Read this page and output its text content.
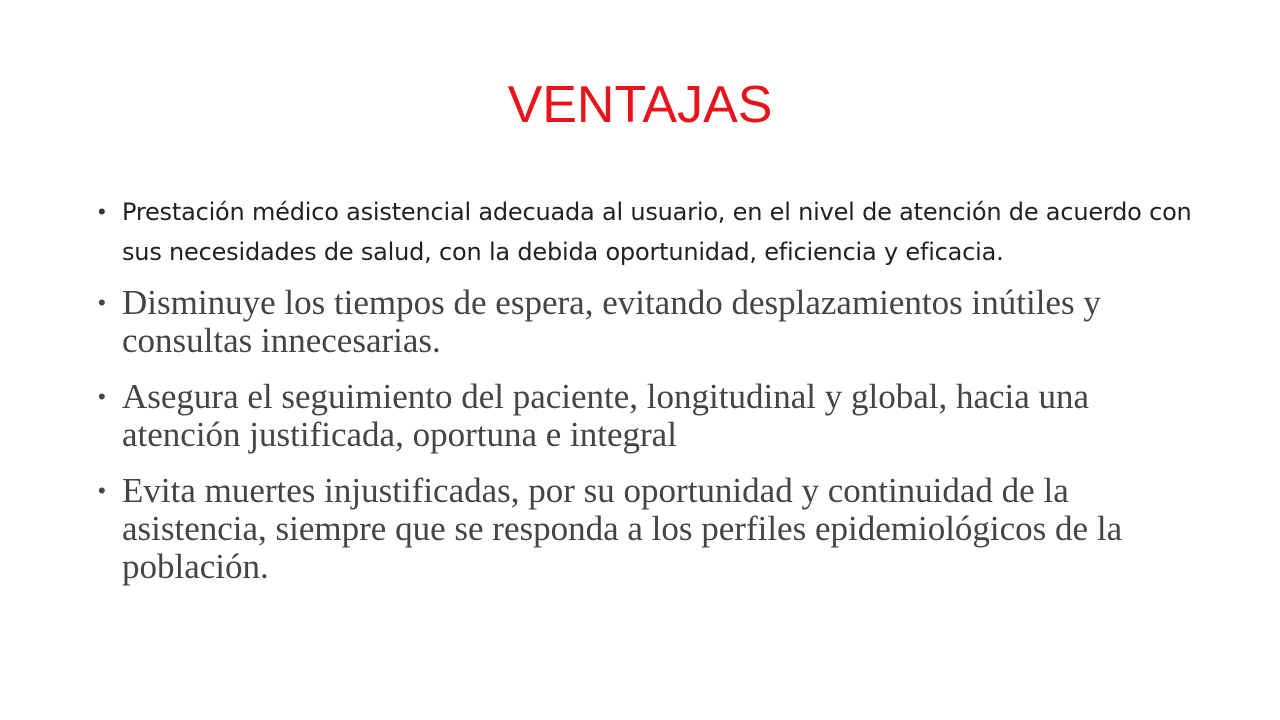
VENTAJAS
• Prestación médico asistencial adecuada al usuario, en el nivel de atención de acuerdo con sus necesidades de salud, con la debida oportunidad, eficiencia y eficacia.
• Disminuye los tiempos de espera, evitando desplazamientos inútiles y consultas innecesarias.
• Asegura el seguimiento del paciente, longitudinal y global, hacia una atención justificada, oportuna e integral
• Evita muertes injustificadas, por su oportunidad y continuidad de la asistencia, siempre que se responda a los perfiles epidemiológicos de la población.
